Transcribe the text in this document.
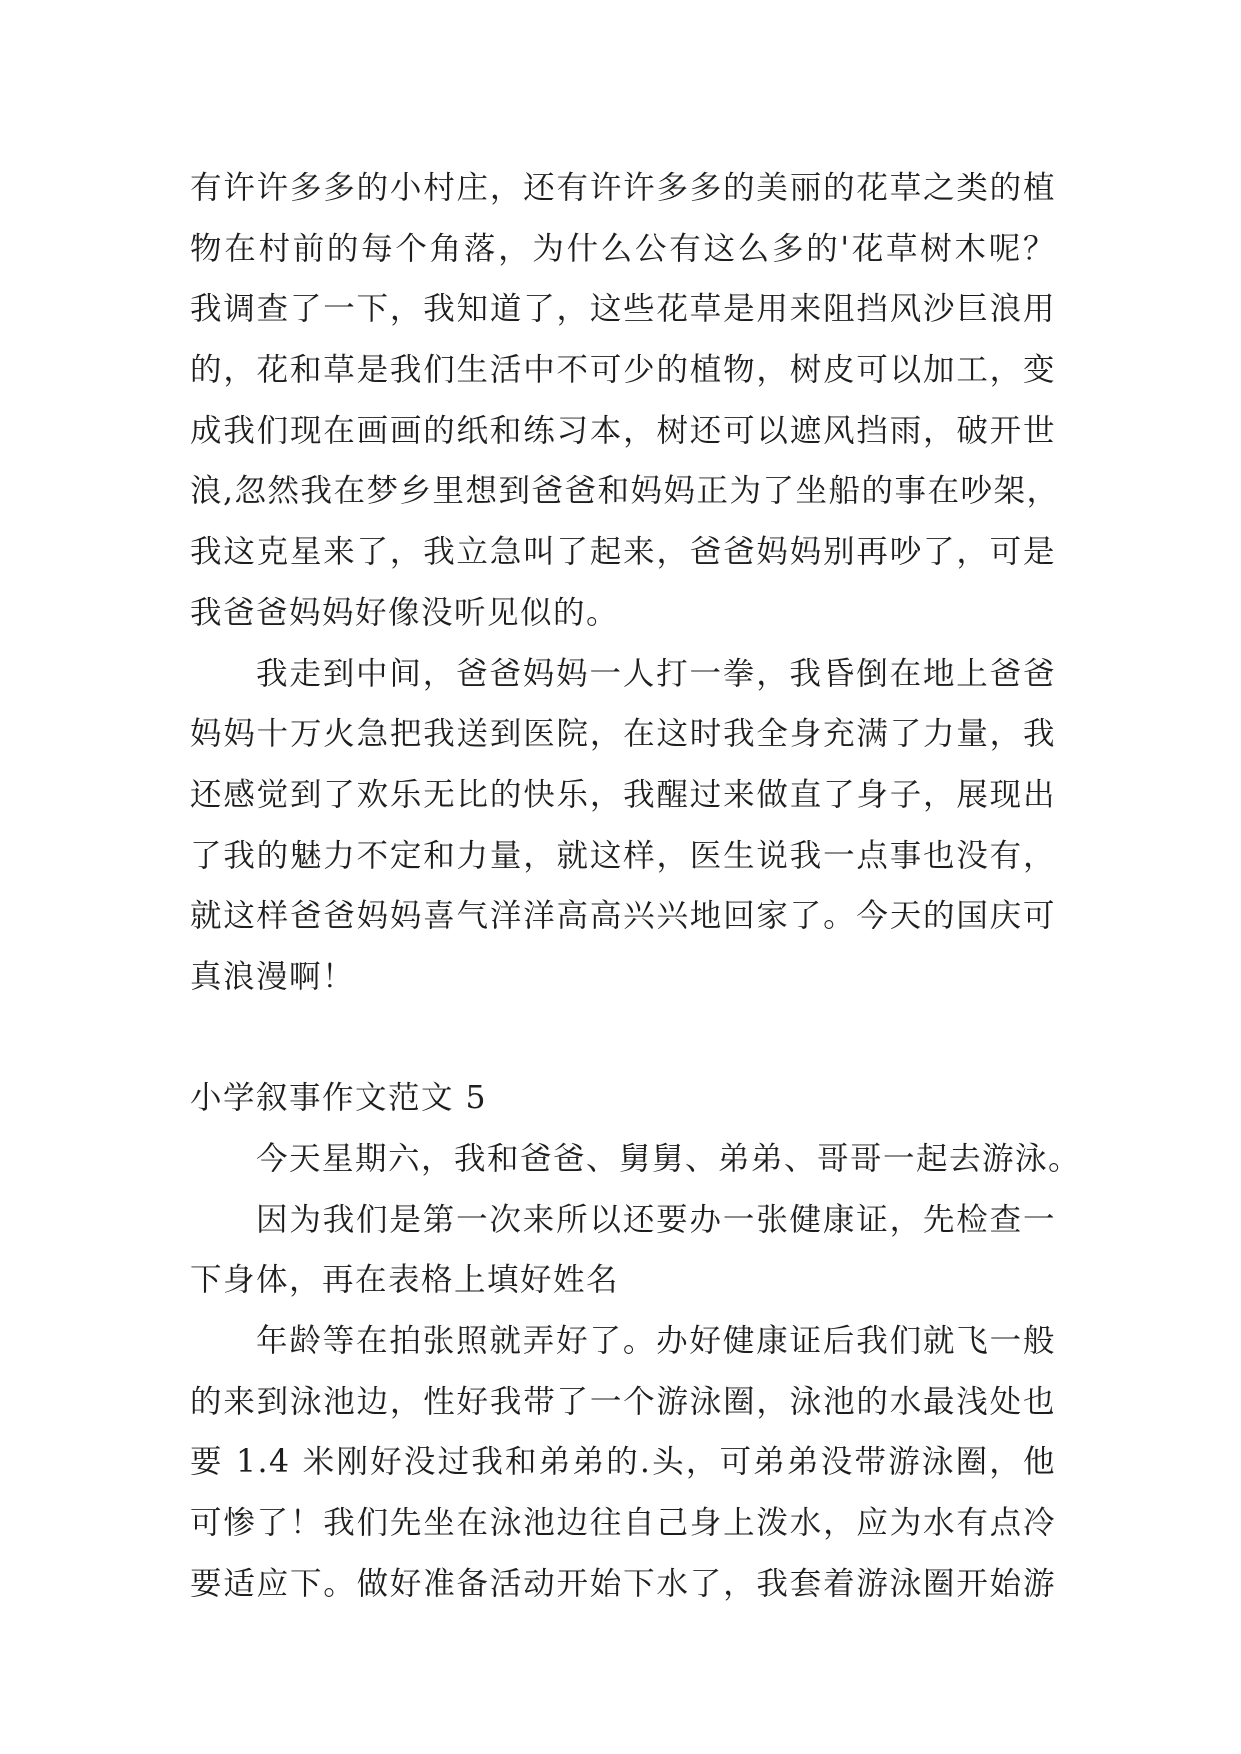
有许许多多的小村庄，还有许许多多的美丽的花草之类的植
物在村前的每个角落，为什么公有这么多的'花草树木呢？
我调查了一下，我知道了，这些花草是用来阻挡风沙巨浪用
的，花和草是我们生活中不可少的植物，树皮可以加工，变
成我们现在画画的纸和练习本，树还可以遮风挡雨，破开世
浪,忽然我在梦乡里想到爸爸和妈妈正为了坐船的事在吵架，
我这克星来了，我立急叫了起来，爸爸妈妈别再吵了，可是
我爸爸妈妈好像没听见似的。
我走到中间，爸爸妈妈一人打一拳，我昏倒在地上爸爸
妈妈十万火急把我送到医院，在这时我全身充满了力量，我
还感觉到了欢乐无比的快乐，我醒过来做直了身子，展现出
了我的魅力不定和力量，就这样，医生说我一点事也没有，
就这样爸爸妈妈喜气洋洋高高兴兴地回家了。今天的国庆可
真浪漫啊！
小学叙事作文范文 5
今天星期六，我和爸爸、舅舅、弟弟、哥哥一起去游泳。
因为我们是第一次来所以还要办一张健康证，先检查一
下身体，再在表格上填好姓名
年龄等在拍张照就弄好了。办好健康证后我们就飞一般
的来到泳池边，性好我带了一个游泳圈，泳池的水最浅处也
要 1.4 米刚好没过我和弟弟的.头，可弟弟没带游泳圈，他
可惨了！我们先坐在泳池边往自己身上泼水，应为水有点冷
要适应下。做好准备活动开始下水了，我套着游泳圈开始游
